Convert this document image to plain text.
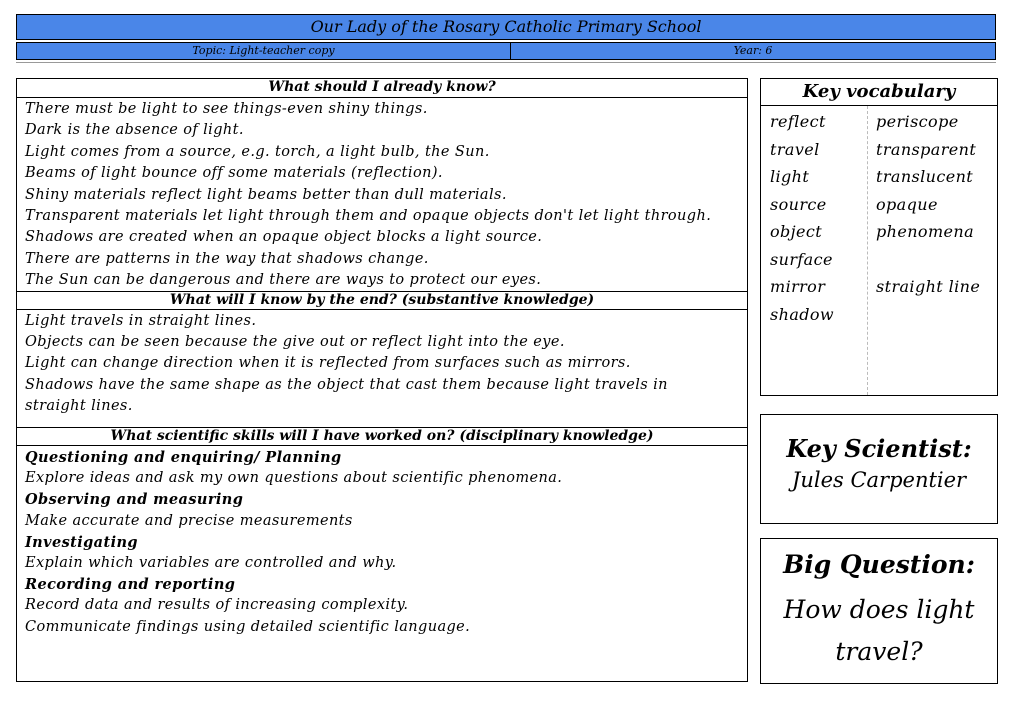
Our Lady of the Rosary Catholic Primary School
Topic: Light-teacher copy	Year: 6
What should I already know?
There must be light to see things-even shiny things.
Dark is the absence of light.
Light comes from a source, e.g. torch, a light bulb, the Sun.
Beams of light bounce off some materials (reflection).
Shiny materials reflect light beams better than dull materials.
Transparent materials let light through them and opaque objects don't let light through.
Shadows are created when an opaque object blocks a light source.
There are patterns in the way that shadows change.
The Sun can be dangerous and there are ways to protect our eyes.
What will I know by the end? (substantive knowledge)
Light travels in straight lines.
Objects can be seen because the give out or reflect light into the eye.
Light can change direction when it is reflected from surfaces such as mirrors.
Shadows have the same shape as the object that cast them because light travels in straight lines.
What scientific skills will I have worked on? (disciplinary knowledge)
Questioning and enquiring/ Planning
Explore ideas and ask my own questions about scientific phenomena.
Observing and measuring
Make accurate and precise measurements
Investigating
Explain which variables are controlled and why.
Recording and reporting
Record data and results of increasing complexity.
Communicate findings using detailed scientific language.
Key vocabulary
reflect
travel
light
source
object
surface
mirror
shadow
periscope
transparent
translucent
opaque
phenomena
straight line
Key Scientist:
Jules Carpentier
Big Question:
How does light travel?
